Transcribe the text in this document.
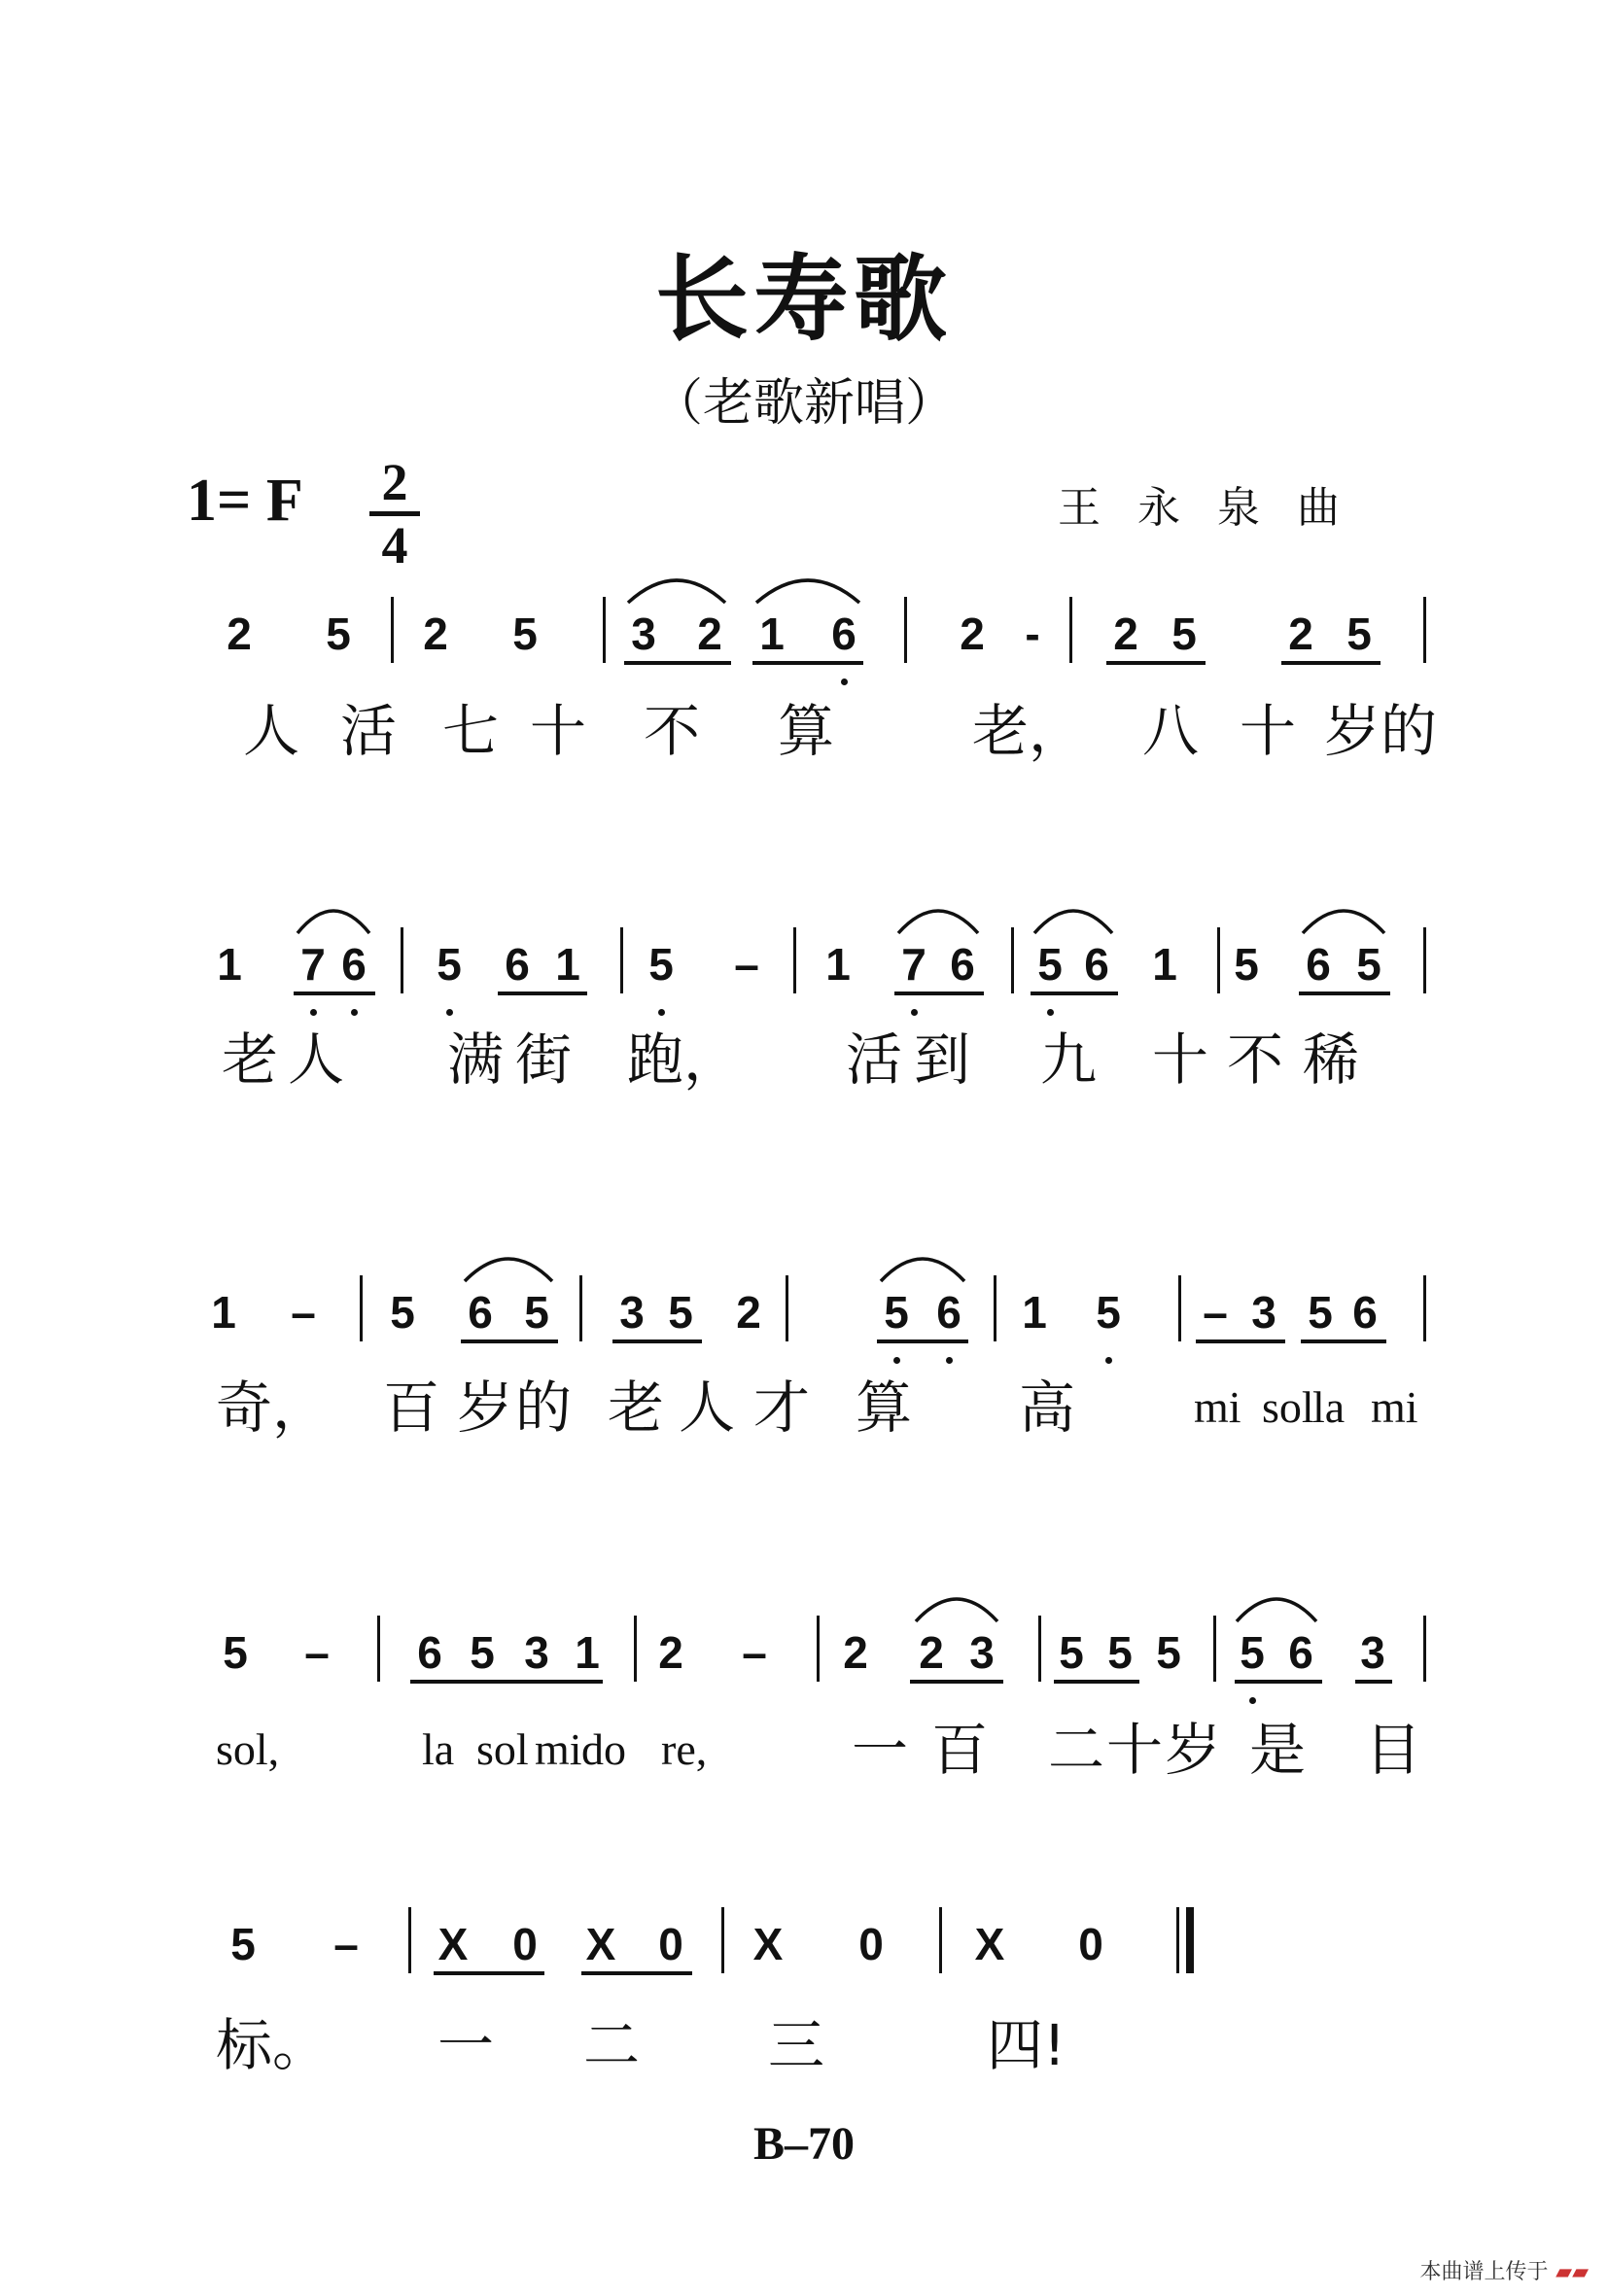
长寿歌
（老歌新唱）
1= F 2
4
王永泉曲
2 5 2 5 3 2 1 6 2 - 2 5 2 5
人 活 七 十 不 算 老， 八 十 岁 的
1 7 6 5 6 1 5 – 1 7 6 5 6 1 5 6 5
老 人 满 街 跑， 活 到 九 十 不 稀
1 – 5 6 5 3 5 2	5 6 1 5 – 3 5 6
奇， 百 岁 的 老 人 才 算 高	mi sol
la mi
5 – 6 5 3 1 2 – 2 2 3 5 5 5 5 6 3
一 百 二 十 岁 是 目
sol,	la sol mi do re,
5 – X 0 X 0 X 0 X 0
标。 一 二 三	四!
B–70
本曲谱上传于 ▰▰
